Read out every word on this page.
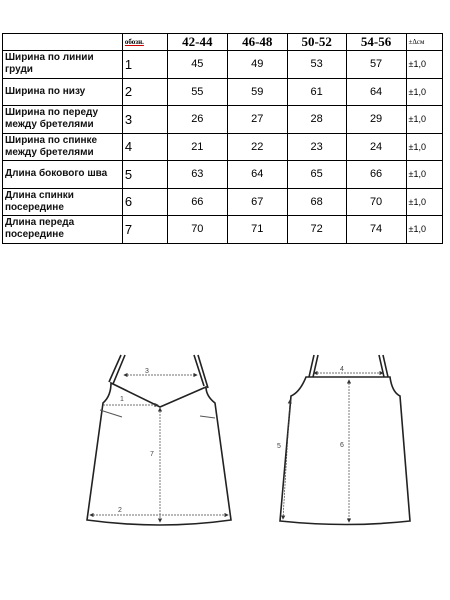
	обозн.	42-44	46-48	50-52	54-56	±Δсм
Ширина по линии груди	1	45	49	53	57	±1,0
Ширина по низу	2	55	59	61	64	±1,0
Ширина по переду между бретелями	3	26	27	28	29	±1,0
Ширина по спинке между бретелями	4	21	22	23	24	±1,0
Длина бокового шва	5	63	64	65	66	±1,0
Длина спинки посередине	6	66	67	68	70	±1,0
Длина переда посередине	7	70	71	72	74	±1,0
3
1
7
2
4
6
5
